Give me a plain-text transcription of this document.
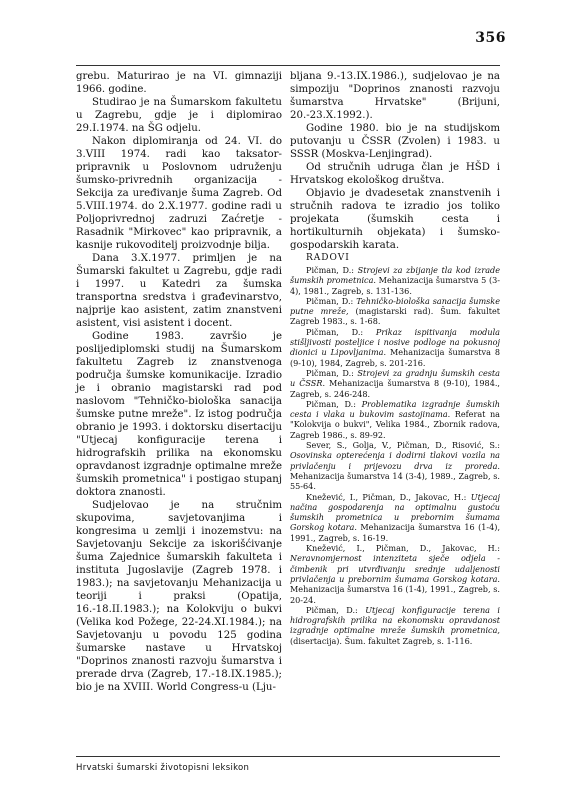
356

grebu. Maturirao je na VI. gimnaziji 1966. godine.

Studirao je na Šumarskom fakultetu u Zagrebu, gdje je i diplomirao 29.I.1974. na ŠG odjelu.

Nakon diplomiranja od 24. VI. do 3.VIII 1974. radi kao taksator-pripravnik u Poslovnom udruženju šumsko-privrednih organizacija - Sekcija za uređivanje šuma Zagreb. Od 5.VIII.1974. do 2.X.1977. godine radi u Poljoprivrednoj zadruzi Zaćretje - Rasadnik "Mirkovec" kao pripravnik, a kasnije rukovoditelj proizvodnje bilja.

Dana 3.X.1977. primljen je na Šumarski fakultet u Zagrebu, gdje radi i 1997. u Katedri za šumska transportna sredstva i građevinarstvo, najprije kao asistent, zatim znanstveni asistent, visi asistent i docent.

Godine 1983. završio je poslijediplomski studij na Šumarskom fakultetu Zagreb iz znanstvenoga područja šumske komunikacije. Izradio je i obranio magistarski rad pod naslovom "Tehničko-biološka sanacija šumske putne mreže". Iz istog područja obranio je 1993. i doktorsku disertaciju "Utjecaj konfiguracije terena i hidrografskih prilika na ekonomsku opravdanost izgradnje optimalne mreže šumskih prometnica" i postigao stupanj doktora znanosti.

Sudjelovao je na stručnim skupovima, savjetovanjima i kongresima u zemlji i inozemstvu: na Savjetovanju Sekcije za iskorišćivanje šuma Zajednice šumarskih fakulteta i instituta Jugoslavije (Zagreb 1978. i 1983.); na savjetovanju Mehanizacija u teoriji i praksi (Opatija, 16.-18.II.1983.); na Kolokviju o bukvi (Velika kod Požege, 22-24.XI.1984.); na Savjetovanju u povodu 125 godina šumarske nastave u Hrvatskoj "Doprinos znanosti razvoju šumarstva i prerade drva (Zagreb, 17.-18.IX.1985.); bio je na XVIII. World Congress-u (Lju-

bljana 9.-13.IX.1986.), sudjelovao je na simpoziju "Doprinos znanosti razvoju šumarstva Hrvatske" (Brijuni, 20.-23.X.1992.).

Godine 1980. bio je na studijskom putovanju u ČSSR (Zvolen) i 1983. u SSSR (Moskva-Lenjingrad).

Od stručnih udruga član je HŠD i Hrvatskog ekološkog društva.

Objavio je dvadesetak znanstvenih i stručnih radova te izradio jos toliko projekata (šumskih cesta i hortikulturnih objekata) i šumsko-gospodarskih karata.

RADOVI

Pičman, D.: Strojevi za zbijanje tla kod izrade šumskih prometnica. Mehanizacija šumarstva 5 (3-4), 1981., Zagreb, s. 131-136.

Pičman, D.: Tehničko-biološka sanacija šumske putne mreže, (magistarski rad). Šum. fakultet Zagreb 1983., s. 1-68.

Pičman, D.: Prikaz ispitivanja modula stišljivosti posteljice i nosive podloge na pokusnoj dionici u Lipovljanima. Mehanizacija šumarstva 8 (9-10), 1984, Zagreb, s. 201-216.

Pičman, D.: Strojevi za gradnju šumskih cesta u ČSSR. Mehanizacija šumarstva 8 (9-10), 1984., Zagreb, s. 246-248.

Pičman, D.: Problematika izgradnje šumskih cesta i vlaka u bukovim sastojinama. Referat na "Kolokvija o bukvi", Velika 1984., Zbornik radova, Zagreb 1986., s. 89-92.

Sever, S., Golja, V., Pičman, D., Risović, S.: Osovinska opterećenja i dodirni tlakovi vozila na privlačenju i prijevozu drva iz proreda. Mehanizacija šumarstva 14 (3-4), 1989., Zagreb, s. 55-64.

Knežević, I., Pičman, D., Jakovac, H.: Utjecaj načina gospodarenja na optimalnu gustoću šumskih prometnica u prebornim šumama Gorskog kotara. Mehanizacija šumarstva 16 (1-4), 1991., Zagreb, s. 16-19.

Knežević, I., Pičman, D., Jakovac, H.: Neravnomjernost intenziteta sječe odjela - čimbenik pri utvrđivanju srednje udaljenosti privlačenja u prebornim šumama Gorskog kotara. Mehanizacija šumarstva 16 (1-4), 1991., Zagreb, s. 20-24.

Pičman, D.: Utjecaj konfiguracije terena i hidrografskih prilika na ekonomsku opravdanost izgradnje optimalne mreže šumskih prometnica, (disertacija). Šum. fakultet Zagreb, s. 1-116.

Hrvatski šumarski životopisni leksikon
